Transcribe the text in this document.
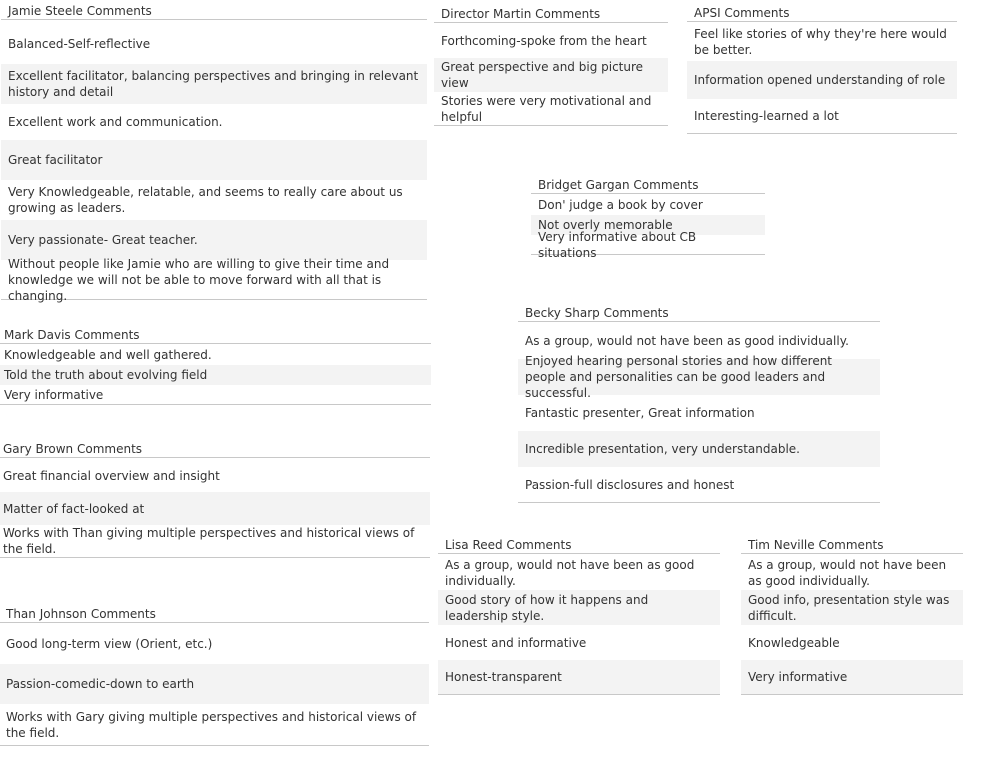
Jamie Steele Comments
Balanced-Self-reflective
Excellent facilitator, balancing perspectives and bringing in relevant history and detail
Excellent work and communication.
Great facilitator
Very Knowledgeable, relatable, and seems to really care about us growing as leaders.
Very passionate- Great teacher.
Without people like Jamie who are willing to give their time and knowledge we will not be able to move forward with all that is changing.
Director Martin Comments
Forthcoming-spoke from the heart
Great perspective and big picture view
Stories were very motivational and helpful
APSI Comments
Feel like stories of why they're here would be better.
Information opened understanding of role
Interesting-learned a lot
Bridget Gargan Comments
Don' judge a book by cover
Not overly memorable
Very informative about CB situations
Becky Sharp Comments
As a group, would not have been as good individually.
Enjoyed hearing personal stories and how different people and personalities can be good leaders and successful.
Fantastic presenter, Great information
Incredible presentation, very understandable.
Passion-full disclosures and honest
Mark Davis Comments
Knowledgeable and well gathered.
Told the truth about evolving field
Very informative
Gary Brown Comments
Great financial overview and insight
Matter of fact-looked at
Works with Than giving multiple perspectives and historical views of the field.
Than Johnson Comments
Good long-term view (Orient, etc.)
Passion-comedic-down to earth
Works with Gary giving multiple perspectives and historical views of the field.
Lisa Reed Comments
As a group, would not have been as good individually.
Good story of how it happens and leadership style.
Honest and informative
Honest-transparent
Tim Neville Comments
As a group, would not have been as good individually.
Good info, presentation style was difficult.
Knowledgeable
Very informative
